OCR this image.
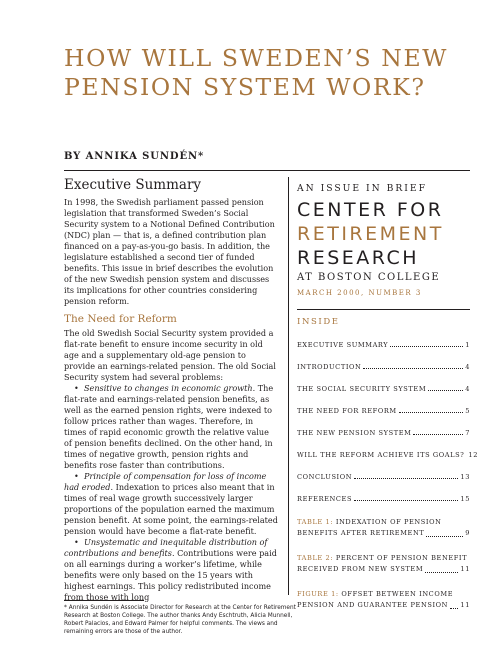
HOW WILL SWEDEN’S NEW PENSION SYSTEM WORK?
BY ANNIKA SUNDÉN*
Executive Summary

In 1998, the Swedish parliament passed pension legislation that transformed Sweden’s Social Security system to a Notional Defined Contribution (NDC) plan — that is, a defined contribution plan financed on a pay-as-you-go basis. In addition, the legislature established a second tier of funded benefits. This issue in brief describes the evolution of the new Swedish pension system and discusses its implications for other countries considering pension reform.

The Need for Reform

The old Swedish Social Security system provided a flat-rate benefit to ensure income security in old age and a supplementary old-age pension to provide an earnings-related pension. The old Social Security system had several problems:

• Sensitive to changes in economic growth. The flat-rate and earnings-related pension benefits, as well as the earned pension rights, were indexed to follow prices rather than wages. Therefore, in times of rapid economic growth the relative value of pension benefits declined. On the other hand, in times of negative growth, pension rights and benefits rose faster than contributions.
• Principle of compensation for loss of income had eroded. Indexation to prices also meant that in times of real wage growth successively larger proportions of the population earned the maximum pension benefit. At some point, the earnings-related pension would have become a flat-rate benefit.
• Unsystematic and inequitable distribution of contributions and benefits. Contributions were paid on all earnings during a worker’s lifetime, while benefits were only based on the 15 years with highest earnings. This policy redistributed income from those with long
AN ISSUE IN BRIEF
CENTER FOR
RETIREMENT
RESEARCH
AT BOSTON COLLEGE
MARCH 2000, NUMBER 3
INSIDE
EXECUTIVE SUMMARY	1
INTRODUCTION	4
THE SOCIAL SECURITY SYSTEM	4
THE NEED FOR REFORM	5
THE NEW PENSION SYSTEM	7
WILL THE REFORM ACHIEVE ITS GOALS? 12
CONCLUSION	13
REFERENCES	15
TABLE 1: INDEXATION OF PENSION
BENEFITS AFTER RETIREMENT	9
TABLE 2: PERCENT OF PENSION BENEFIT
RECEIVED FROM NEW SYSTEM	11
FIGURE 1: OFFSET BETWEEN INCOME
PENSION AND GUARANTEE PENSION 11

* Annika Sundén is Associate Director for Research at the Center for Retirement Research at Boston College. The author thanks Andy Eschtruth, Alicia Munnell, Robert Palacios, and Edward Palmer for helpful comments. The views and remaining errors are those of the author.
